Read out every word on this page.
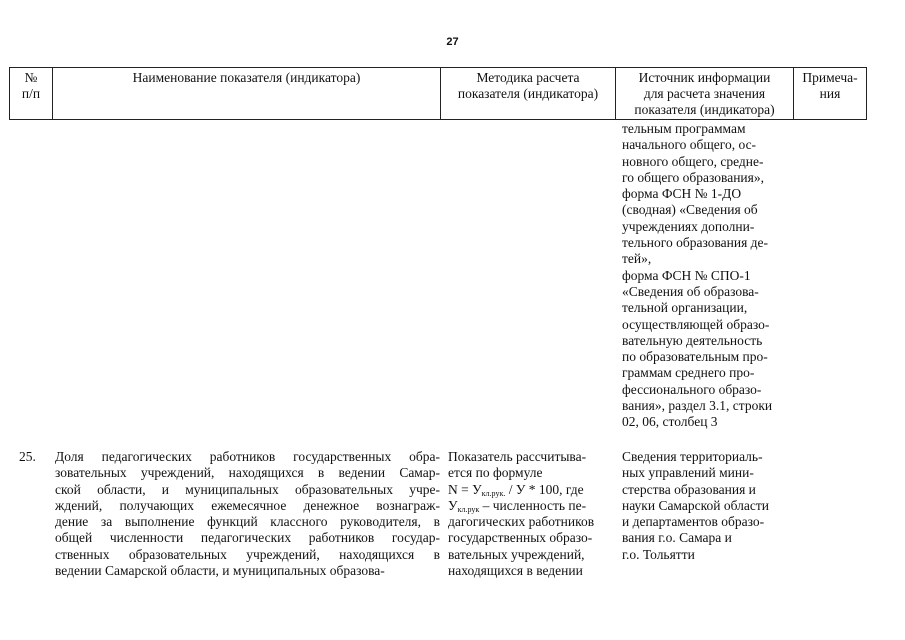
27
№
п/п
Наименование показателя (индикатора)	Методика расчета
показателя (индикатора)
Источник информации
для расчета значения
показателя (индикатора)
Примеча-
ния
тельным программам
начального общего, ос-
новного общего, средне-
го общего образования»,
форма ФСН № 1-ДО
(сводная) «Сведения об
учреждениях дополни-
тельного образования де-
тей»,
форма ФСН № СПО-1
«Сведения об образова-
тельной организации,
осуществляющей образо-
вательную деятельность
по образовательным про-
граммам среднего про-
фессионального образо-
вания», раздел 3.1, строки
02, 06, столбец 3
25. Доля педагогических работников государственных обра-
зовательных учреждений, находящихся в ведении Самар-
ской области, и муниципальных образовательных учре-
ждений, получающих ежемесячное денежное вознаграж-
дение за выполнение функций классного руководителя, в
общей численности педагогических работников государ-
ственных образовательных учреждений, находящихся в
ведении Самарской области, и муниципальных образова-
Показатель рассчитыва-
ется по формуле
$N = У_{кл.рук.} / У * 100$, где
$У_{кл.рук}$ – численность пе-
дагогических работников
государственных образо-
вательных учреждений,
находящихся в ведении
Сведения территориаль-
ных управлений мини-
стерства образования и
науки Самарской области
и департаментов образо-
вания г.о. Самара и
г.о. Тольятти
